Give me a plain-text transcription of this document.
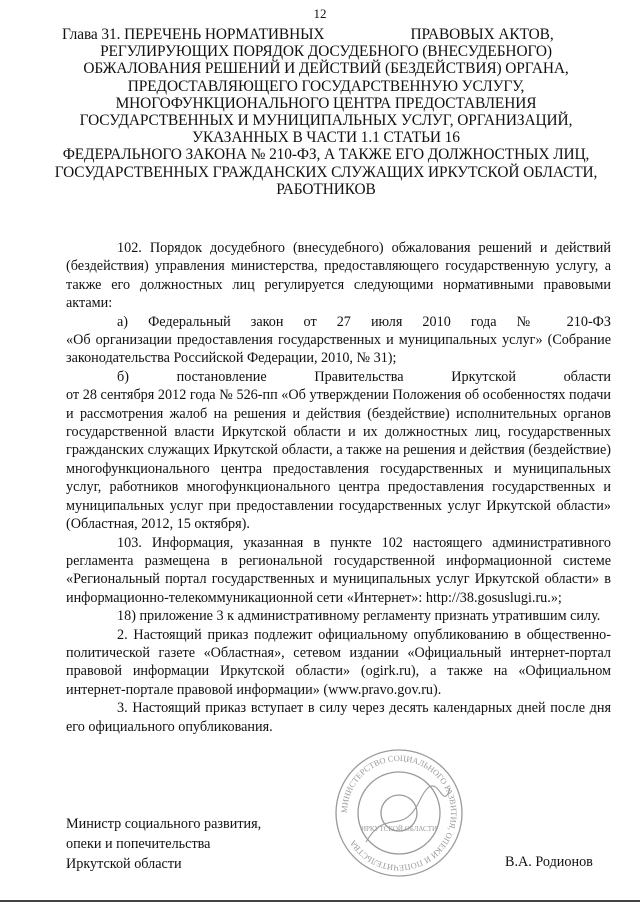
12
Глава 31. ПЕРЕЧЕНЬ НОРМАТИВНЫХ	ПРАВОВЫХ АКТОВ,
РЕГУЛИРУЮЩИХ ПОРЯДОК ДОСУДЕБНОГО (ВНЕСУДЕБНОГО)
ОБЖАЛОВАНИЯ РЕШЕНИЙ И ДЕЙСТВИЙ (БЕЗДЕЙСТВИЯ) ОРГАНА,
ПРЕДОСТАВЛЯЮЩЕГО ГОСУДАРСТВЕННУЮ УСЛУГУ,
МНОГОФУНКЦИОНАЛЬНОГО ЦЕНТРА ПРЕДОСТАВЛЕНИЯ
ГОСУДАРСТВЕННЫХ И МУНИЦИПАЛЬНЫХ УСЛУГ, ОРГАНИЗАЦИЙ,
УКАЗАННЫХ В ЧАСТИ 1.1 СТАТЬИ 16
ФЕДЕРАЛЬНОГО ЗАКОНА № 210-ФЗ, А ТАКЖЕ ЕГО ДОЛЖНОСТНЫХ ЛИЦ,
ГОСУДАРСТВЕННЫХ ГРАЖДАНСКИХ СЛУЖАЩИХ ИРКУТСКОЙ ОБЛАСТИ,
РАБОТНИКОВ

102. Порядок досудебного (внесудебного) обжалования решений и действий (бездействия) управления министерства, предоставляющего государственную услугу, а также его должностных лиц регулируется следующими нормативными правовыми актами:

а) Федеральный закон от 27 июля 2010 года № 210-ФЗ

«Об организации предоставления государственных и муниципальных услуг» (Собрание законодательства Российской Федерации, 2010, № 31);

б) постановление Правительства Иркутской области

от 28 сентября 2012 года № 526-пп «Об утверждении Положения об особенностях подачи и рассмотрения жалоб на решения и действия (бездействие) исполнительных органов государственной власти Иркутской области и их должностных лиц, государственных гражданских служащих Иркутской области, а также на решения и действия (бездействие) многофункционального центра предоставления государственных и муниципальных услуг, работников многофункционального центра предоставления государственных и муниципальных услуг при предоставлении государственных услуг Иркутской области» (Областная, 2012, 15 октября).

103. Информация, указанная в пункте 102 настоящего административного регламента размещена в региональной государственной информационной системе «Региональный портал государственных и муниципальных услуг Иркутской области» в информационно-телекоммуникационной сети «Интернет»: http://38.gosuslugi.ru.»;

18) приложение 3 к административному регламенту признать утратившим силу.

2. Настоящий приказ подлежит официальному опубликованию в общественно-политической газете «Областная», сетевом издании «Официальный интернет-портал правовой информации Иркутской области» (ogirk.ru), а также на «Официальном интернет-портале правовой информации» (www.pravo.gov.ru).

3. Настоящий приказ вступает в силу через десять календарных дней после дня его официального опубликования.

МИНИСТЕРСТВО СОЦИАЛЬНОГО РАЗВИТИЯ, ОПЕКИ И ПОПЕЧИТЕЛЬСТВА
ИРКУТСКОЙ ОБЛАСТИ
Министр социального развития,
опеки и попечительства
Иркутской области	В.А. Родионов
